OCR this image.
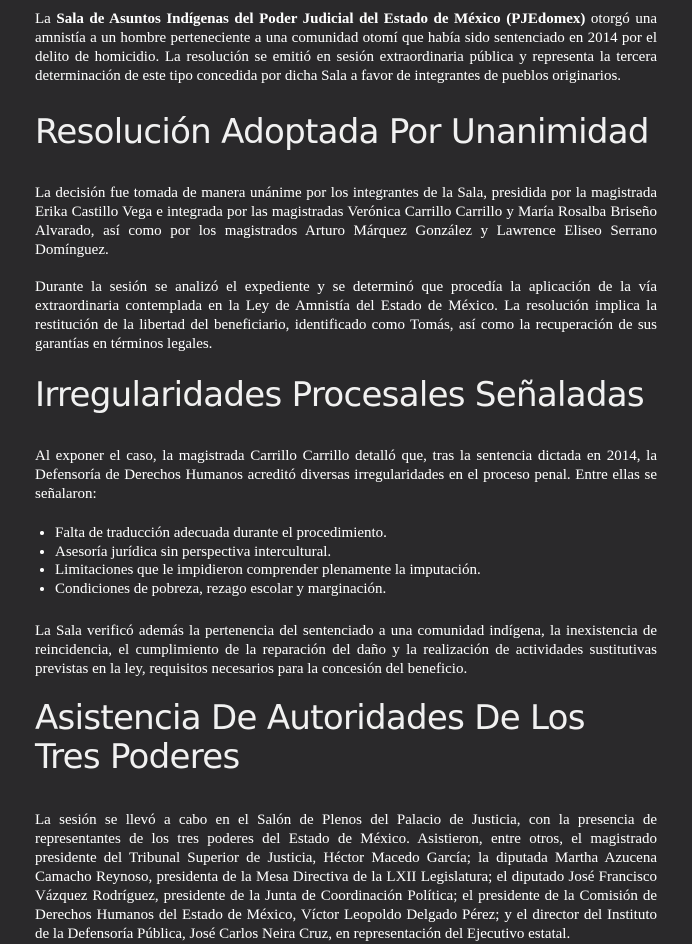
La Sala de Asuntos Indígenas del Poder Judicial del Estado de México (PJEdomex) otorgó una amnistía a un hombre perteneciente a una comunidad otomí que había sido sentenciado en 2014 por el delito de homicidio. La resolución se emitió en sesión extraordinaria pública y representa la tercera determinación de este tipo concedida por dicha Sala a favor de integrantes de pueblos originarios.

Resolución Adoptada Por Unanimidad

La decisión fue tomada de manera unánime por los integrantes de la Sala, presidida por la magistrada Erika Castillo Vega e integrada por las magistradas Verónica Carrillo Carrillo y María Rosalba Briseño Alvarado, así como por los magistrados Arturo Márquez González y Lawrence Eliseo Serrano Domínguez.

Durante la sesión se analizó el expediente y se determinó que procedía la aplicación de la vía extraordinaria contemplada en la Ley de Amnistía del Estado de México. La resolución implica la restitución de la libertad del beneficiario, identificado como Tomás, así como la recuperación de sus garantías en términos legales.

Irregularidades Procesales Señaladas

Al exponer el caso, la magistrada Carrillo Carrillo detalló que, tras la sentencia dictada en 2014, la Defensoría de Derechos Humanos acreditó diversas irregularidades en el proceso penal. Entre ellas se señalaron:

• Falta de traducción adecuada durante el procedimiento.
• Asesoría jurídica sin perspectiva intercultural.
• Limitaciones que le impidieron comprender plenamente la imputación.
• Condiciones de pobreza, rezago escolar y marginación.

La Sala verificó además la pertenencia del sentenciado a una comunidad indígena, la inexistencia de reincidencia, el cumplimiento de la reparación del daño y la realización de actividades sustitutivas previstas en la ley, requisitos necesarios para la concesión del beneficio.

Asistencia De Autoridades De Los Tres Poderes

La sesión se llevó a cabo en el Salón de Plenos del Palacio de Justicia, con la presencia de representantes de los tres poderes del Estado de México. Asistieron, entre otros, el magistrado presidente del Tribunal Superior de Justicia, Héctor Macedo García; la diputada Martha Azucena Camacho Reynoso, presidenta de la Mesa Directiva de la LXII Legislatura; el diputado José Francisco Vázquez Rodríguez, presidente de la Junta de Coordinación Política; el presidente de la Comisión de Derechos Humanos del Estado de México, Víctor Leopoldo Delgado Pérez; y el director del Instituto de la Defensoría Pública, José Carlos Neira Cruz, en representación del Ejecutivo estatal.
